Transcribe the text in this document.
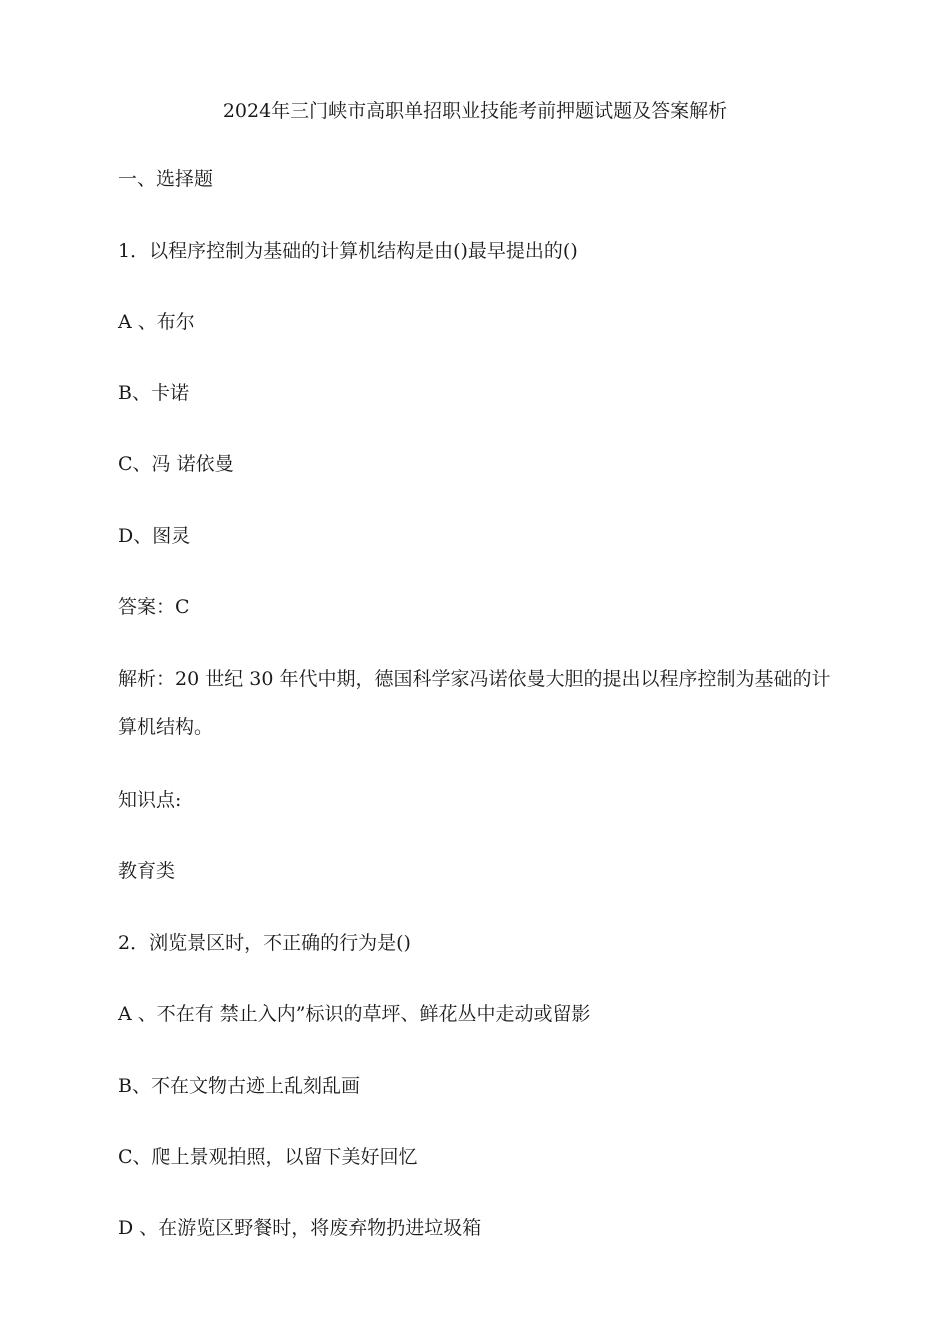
2024年三门峡市高职单招职业技能考前押题试题及答案解析
一、选择题
1．以程序控制为基础的计算机结构是由()最早提出的()
A 、布尔
B、卡诺
C、冯 诺依曼
D、图灵
答案：C
解析：20 世纪 30 年代中期，德国科学家冯诺依曼大胆的提出以程序控制为基础的计算机结构。
知识点:
教育类
2．浏览景区时，不正确的行为是()
A 、不在有 禁止入内”标识的草坪、鲜花丛中走动或留影
B、不在文物古迹上乱刻乱画
C、爬上景观拍照，以留下美好回忆
D 、在游览区野餐时，将废弃物扔进垃圾箱
